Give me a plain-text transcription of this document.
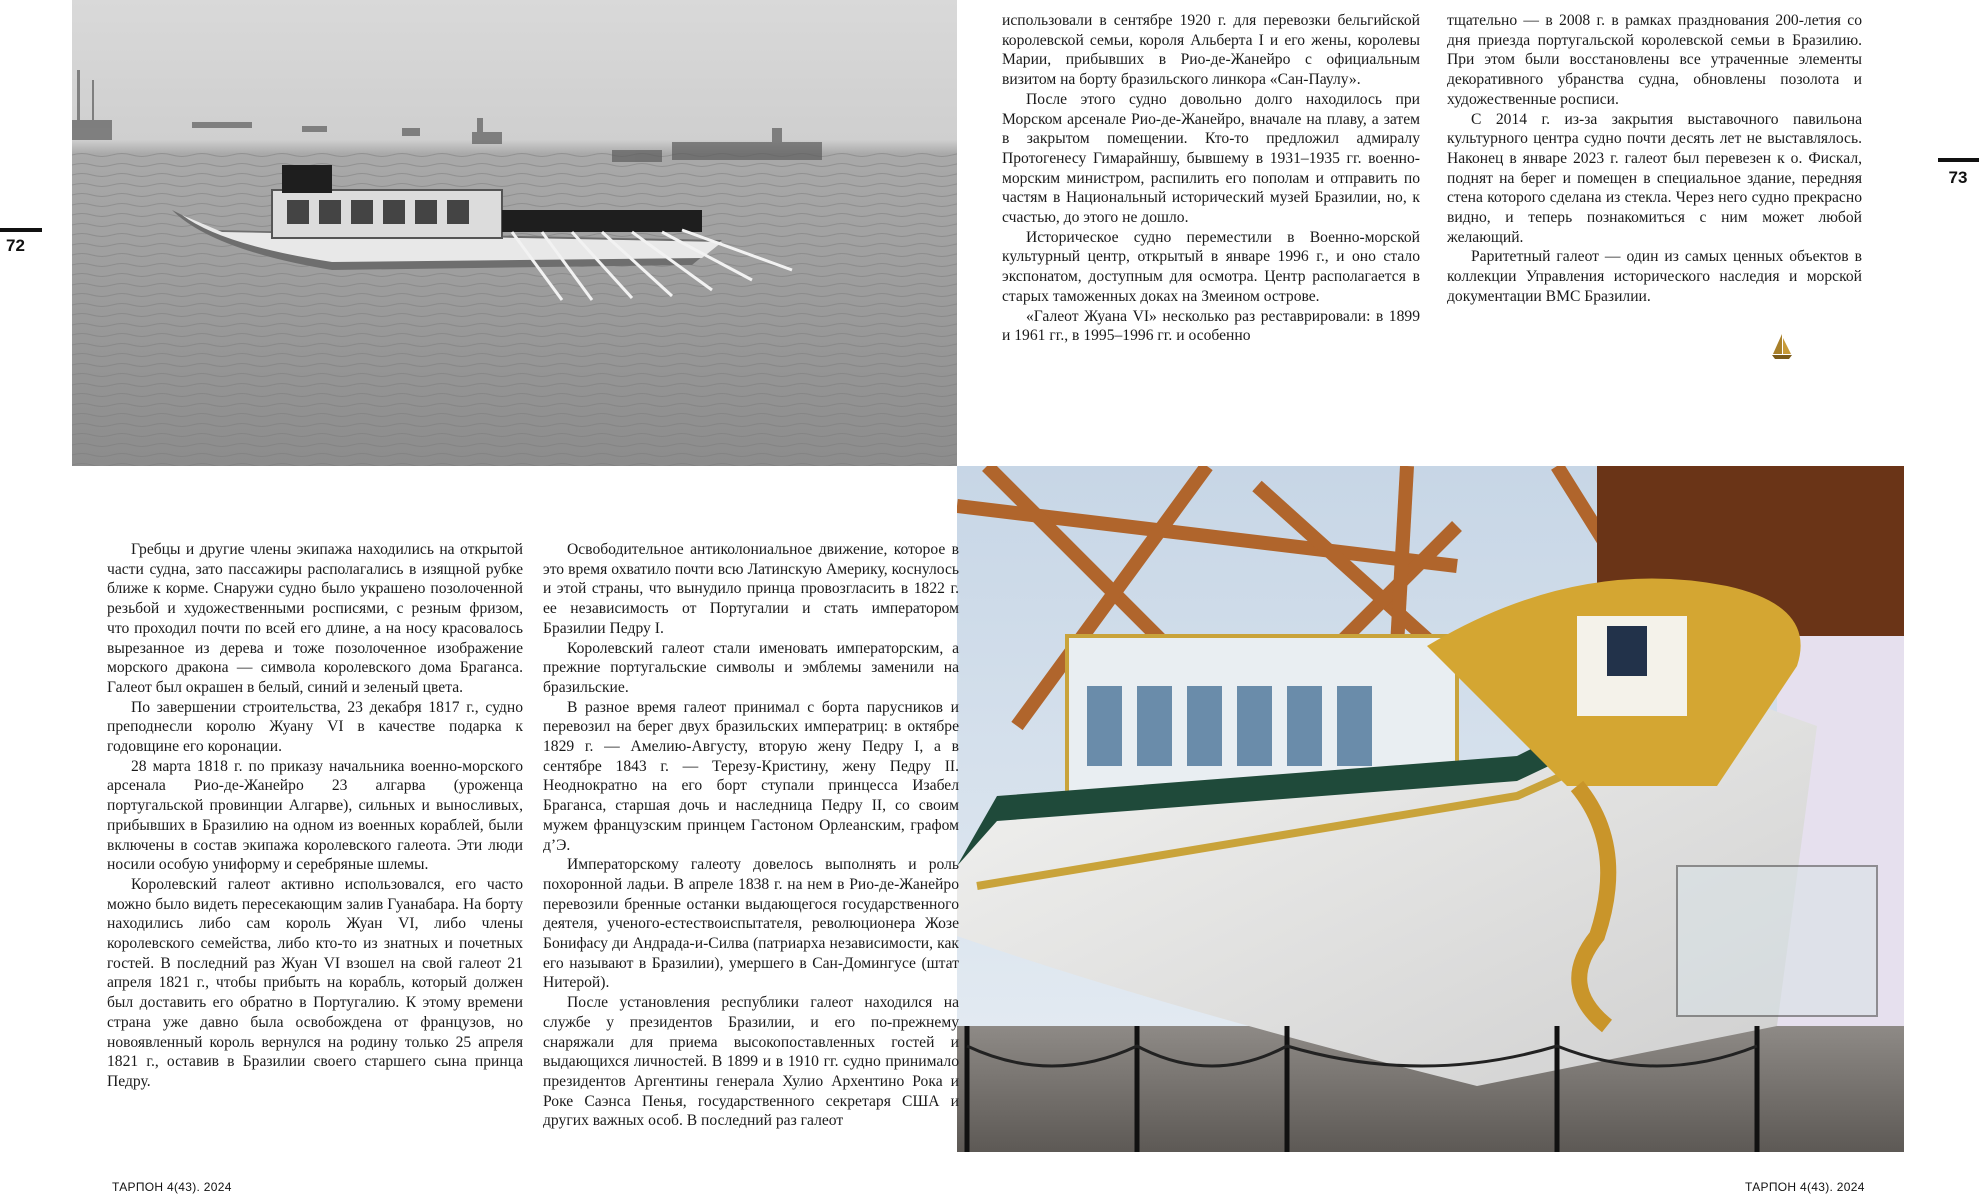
72
73

использовали в сентябре 1920 г. для перевозки бельгийской королевской семьи, короля Альберта I и его жены, королевы Марии, прибывших в Рио-де-Жанейро с официальным визитом на борту бразильского линкора «Сан-Паулу».

После этого судно довольно долго находилось при Морском арсенале Рио-де-Жанейро, вначале на плаву, а затем в закрытом помещении. Кто-то предложил адмиралу Протогенесу Гимарайншу, бывшему в 1931–1935 гг. военно-морским министром, распилить его пополам и отправить по частям в Национальный исторический музей Бразилии, но, к счастью, до этого не дошло.

Историческое судно переместили в Военно-морской культурный центр, открытый в январе 1996 г., и оно стало экспонатом, доступным для осмотра. Центр располагается в старых таможенных доках на Змеином острове.

«Галеот Жуана VI» несколько раз реставрировали: в 1899 и 1961 гг., в 1995–1996 гг. и особенно

тщательно — в 2008 г. в рамках празднования 200-летия со дня приезда португальской королевской семьи в Бразилию. При этом были восстановлены все утраченные элементы декоративного убранства судна, обновлены позолота и художественные росписи.

С 2014 г. из-за закрытия выставочного павильона культурного центра судно почти десять лет не выставлялось. Наконец в январе 2023 г. галеот был перевезен к о. Фискал, поднят на берег и помещен в специальное здание, передняя стена которого сделана из стекла. Через него судно прекрасно видно, и теперь познакомиться с ним может любой желающий.

Раритетный галеот — один из самых ценных объектов в коллекции Управления исторического наследия и морской документации ВМС Бразилии.

Гребцы и другие члены экипажа находились на открытой части судна, зато пассажиры располагались в изящной рубке ближе к корме. Снаружи судно было украшено позолоченной резьбой и художественными росписями, с резным фризом, что проходил почти по всей его длине, а на носу красовалось вырезанное из дерева и тоже позолоченное изображение морского дракона — символа королевского дома Браганса. Галеот был окрашен в белый, синий и зеленый цвета.

По завершении строительства, 23 декабря 1817 г., судно преподнесли королю Жуану VI в качестве подарка к годовщине его коронации.

28 марта 1818 г. по приказу начальника военно-морского арсенала Рио-де-Жанейро 23 алгарва (уроженца португальской провинции Алгарве), сильных и выносливых, прибывших в Бразилию на одном из военных кораблей, были включены в состав экипажа королевского галеота. Эти люди носили особую униформу и серебряные шлемы.

Королевский галеот активно использовался, его часто можно было видеть пересекающим залив Гуанабара. На борту находились либо сам король Жуан VI, либо члены королевского семейства, либо кто-то из знатных и почетных гостей. В последний раз Жуан VI взошел на свой галеот 21 апреля 1821 г., чтобы прибыть на корабль, который должен был доставить его обратно в Португалию. К этому времени страна уже давно была освобождена от французов, но новоявленный король вернулся на родину только 25 апреля 1821 г., оставив в Бразилии своего старшего сына принца Педру.

Освободительное антиколониальное движение, которое в это время охватило почти всю Латинскую Америку, коснулось и этой страны, что вынудило принца провозгласить в 1822 г. ее независимость от Португалии и стать императором Бразилии Педру I.

Королевский галеот стали именовать императорским, а прежние португальские символы и эмблемы заменили на бразильские.

В разное время галеот принимал с борта парусников и перевозил на берег двух бразильских императриц: в октябре 1829 г. — Амелию-Августу, вторую жену Педру I, а в сентябре 1843 г. — Терезу-Кристину, жену Педру II. Неоднократно на его борт ступали принцесса Изабел Браганса, старшая дочь и наследница Педру II, со своим мужем французским принцем Гастоном Орлеанским, графом д’Э.

Императорскому галеоту довелось выполнять и роль похоронной ладьи. В апреле 1838 г. на нем в Рио-де-Жанейро перевозили бренные останки выдающегося государственного деятеля, ученого-естествоиспытателя, революционера Жозе Бонифасу ди Андрада-и-Силва (патриарха независимости, как его называют в Бразилии), умершего в Сан-Домингусе (штат Нитерой).

После установления республики галеот находился на службе у президентов Бразилии, и его по-прежнему снаряжали для приема высокопоставленных гостей и выдающихся личностей. В 1899 и в 1910 гг. судно принимало президентов Аргентины генерала Хулио Архентино Рока и Роке Саэнса Пенья, государственного секретаря США и других важных особ. В последний раз галеот

ТАРПОН 4(43). 2024	ТАРПОН 4(43). 2024
